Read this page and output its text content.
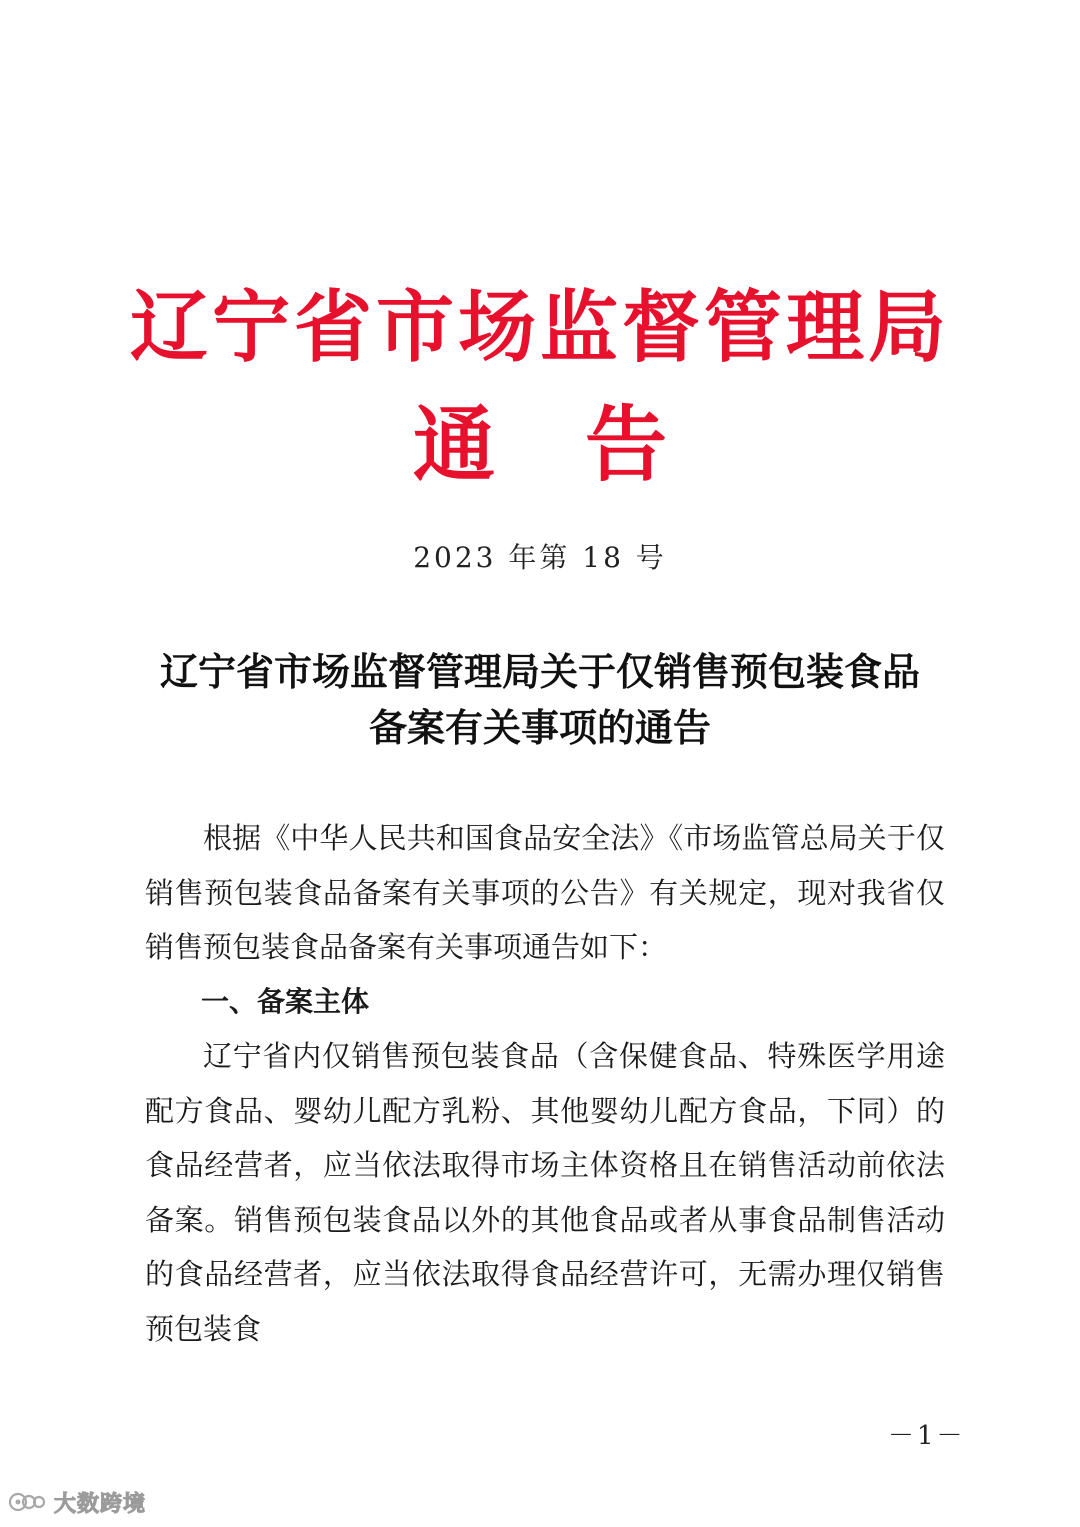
辽宁省市场监督管理局
通告
2023 年第 18 号
辽宁省市场监督管理局关于仅销售预包装食品
备案有关事项的通告

根据《中华人民共和国食品安全法》《市场监管总局关于仅销售预包装食品备案有关事项的公告》有关规定，现对我省仅销售预包装食品备案有关事项通告如下：

一、备案主体

辽宁省内仅销售预包装食品（含保健食品、特殊医学用途配方食品、婴幼儿配方乳粉、其他婴幼儿配方食品，下同）的食品经营者，应当依法取得市场主体资格且在销售活动前依法备案。销售预包装食品以外的其他食品或者从事食品制售活动的食品经营者，应当依法取得食品经营许可，无需办理仅销售预包装食

－1－
大数跨境
